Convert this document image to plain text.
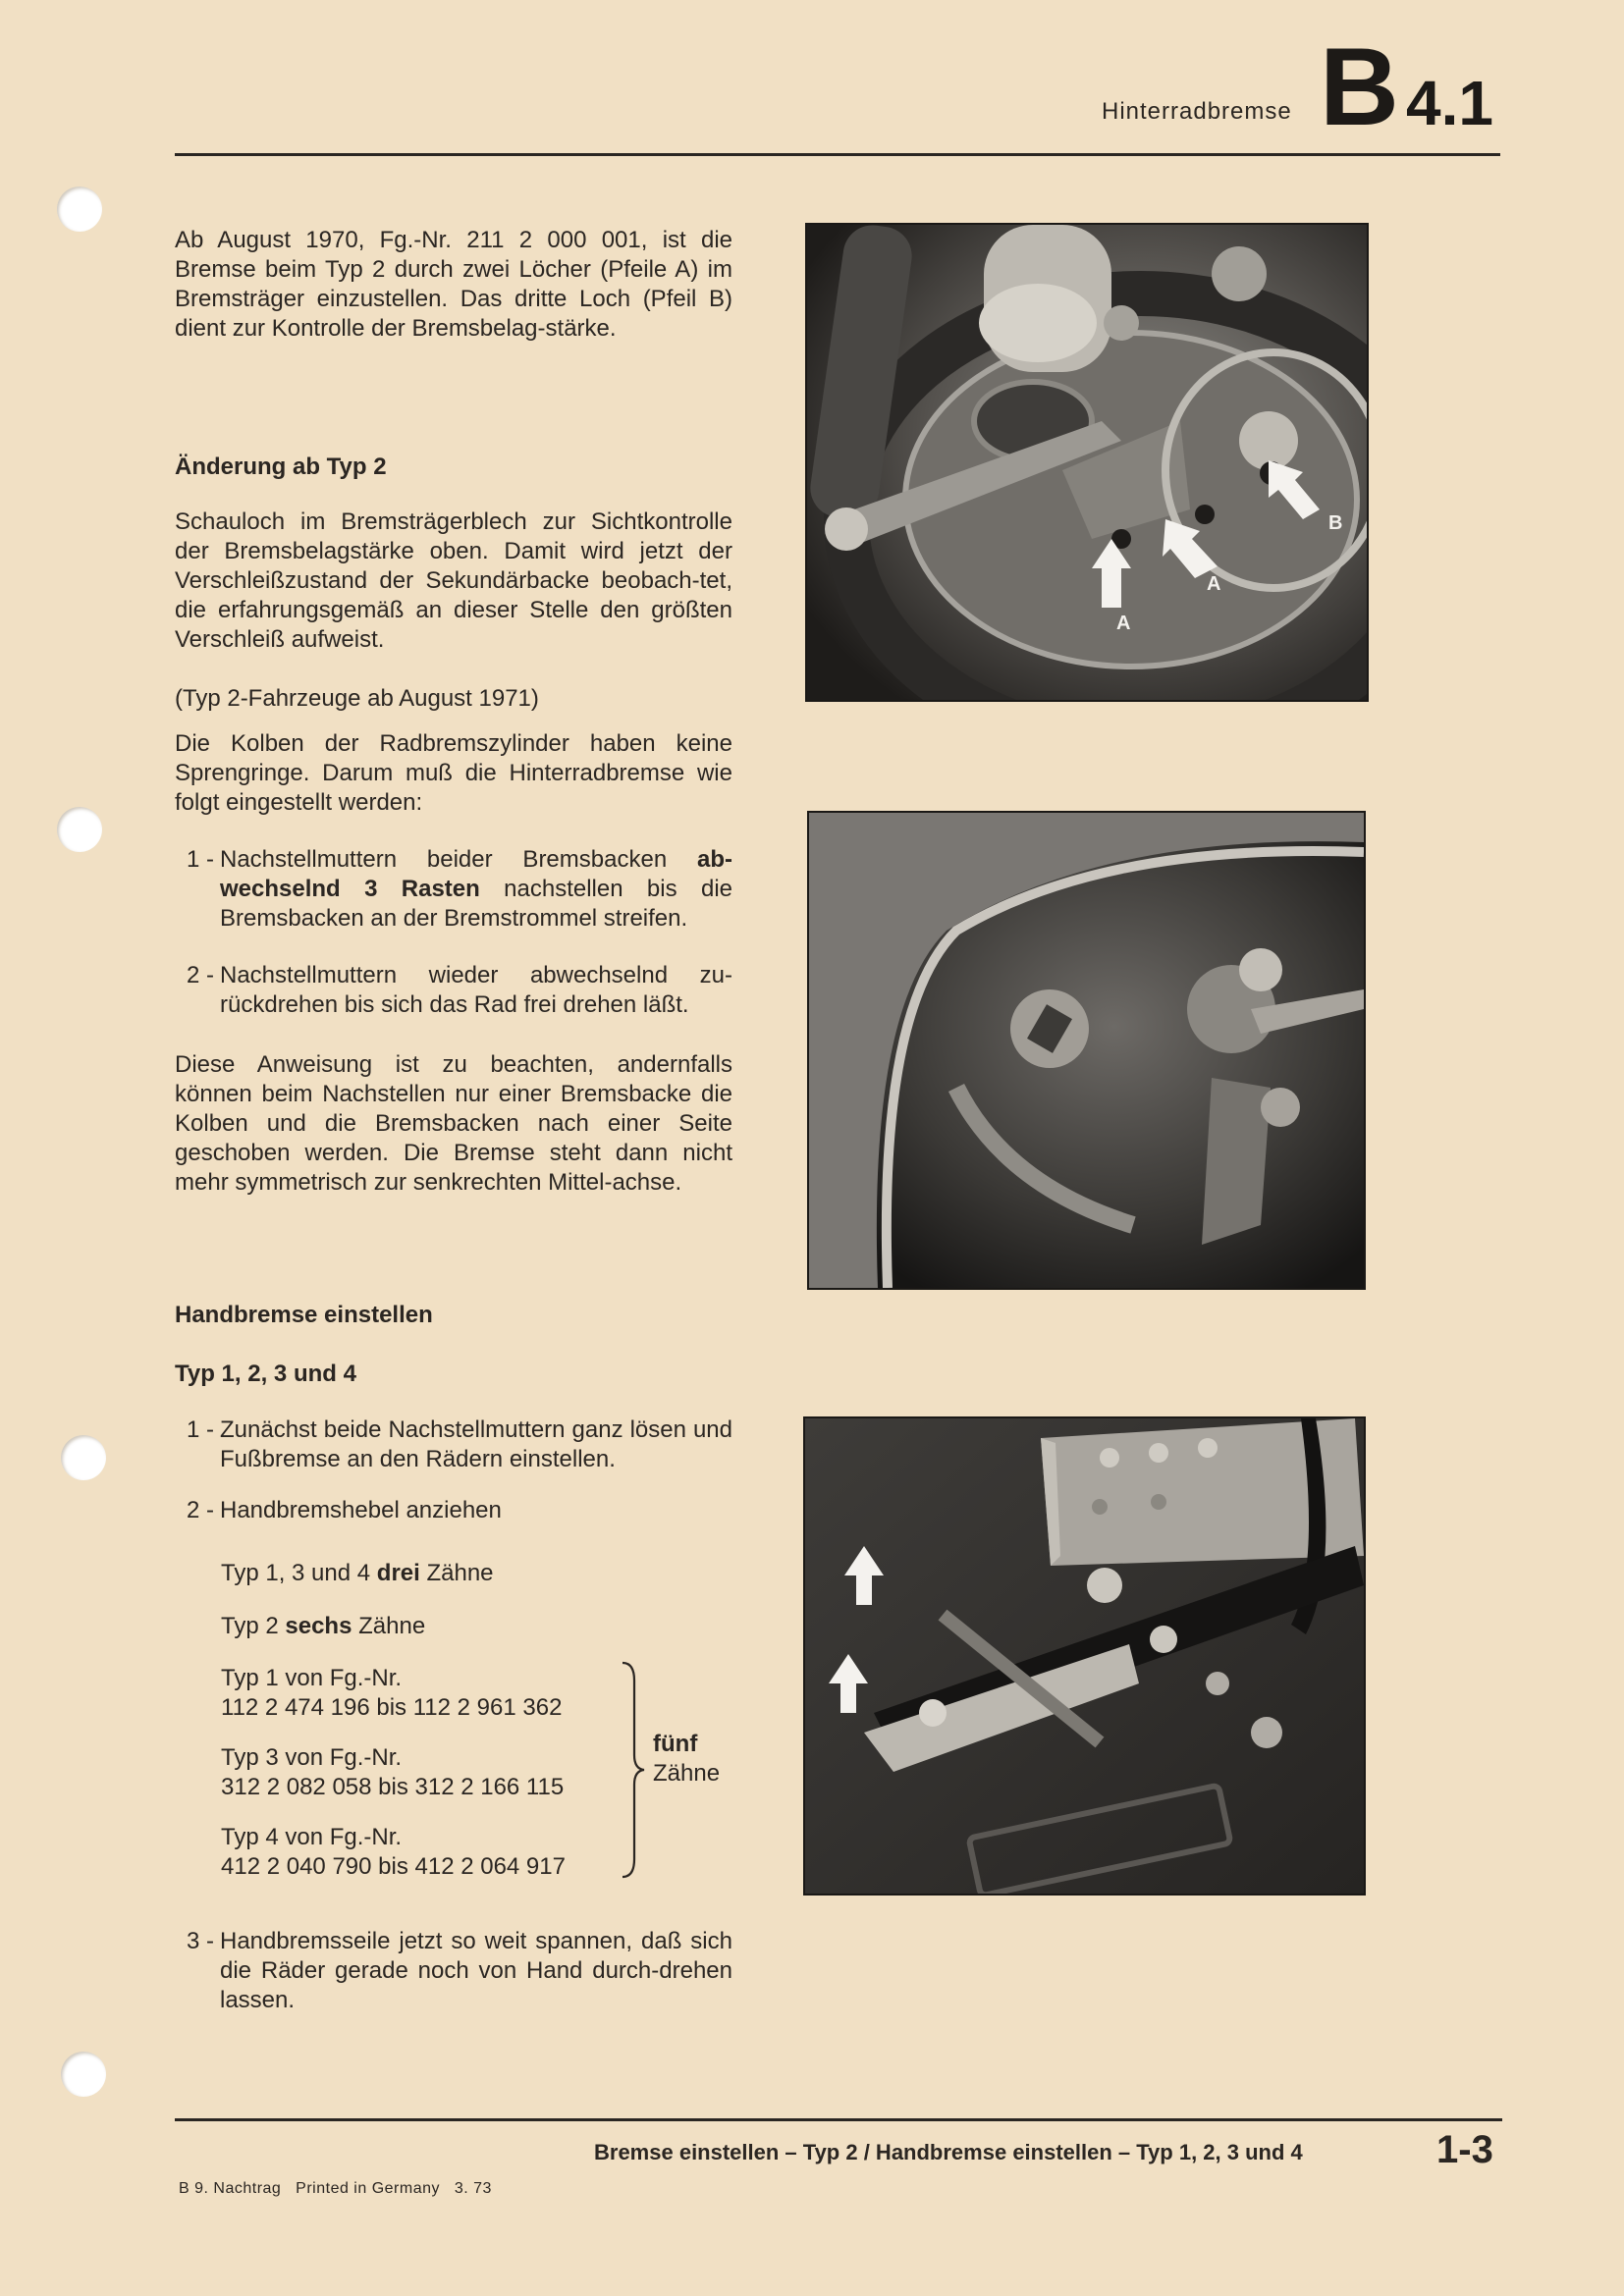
Hinterradbremse B 4.1
Ab August 1970, Fg.-Nr. 211 2 000 001, ist die Bremse beim Typ 2 durch zwei Löcher (Pfeile A) im Bremsträger einzustellen. Das dritte Loch (Pfeil B) dient zur Kontrolle der Bremsbelag-stärke.
Änderung ab Typ 2
Schauloch im Bremsträgerblech zur Sichtkontrolle der Bremsbelagstärke oben. Damit wird jetzt der Verschleißzustand der Sekundärbacke beobach-tet, die erfahrungsgemäß an dieser Stelle den größten Verschleiß aufweist.
(Typ 2-Fahrzeuge ab August 1971)
Die Kolben der Radbremszylinder haben keine Sprengringe. Darum muß die Hinterradbremse wie folgt eingestellt werden:
1 - Nachstellmuttern beider Bremsbacken ab-wechselnd 3 Rasten nachstellen bis die Bremsbacken an der Bremstrommel streifen.
2 - Nachstellmuttern wieder abwechselnd zu-rückdrehen bis sich das Rad frei drehen läßt.
Diese Anweisung ist zu beachten, andernfalls können beim Nachstellen nur einer Bremsbacke die Kolben und die Bremsbacken nach einer Seite geschoben werden. Die Bremse steht dann nicht mehr symmetrisch zur senkrechten Mittel-achse.
Handbremse einstellen
Typ 1, 2, 3 und 4
1 - Zunächst beide Nachstellmuttern ganz lösen und Fußbremse an den Rädern einstellen.
2 - Handbremshebel anziehen
Typ 1, 3 und 4 drei Zähne
Typ 2 sechs Zähne
Typ 1 von Fg.-Nr.
112 2 474 196 bis 112 2 961 362
Typ 3 von Fg.-Nr.
312 2 082 058 bis 312 2 166 115
Typ 4 von Fg.-Nr.
412 2 040 790 bis 412 2 064 917
fünf
Zähne
3 - Handbremsseile jetzt so weit spannen, daß sich die Räder gerade noch von Hand durch-drehen lassen.
A
A
B
Bremse einstellen – Typ 2 / Handbremse einstellen – Typ 1, 2, 3 und 4	1-3
B 9. Nachtrag   Printed in Germany   3. 73
